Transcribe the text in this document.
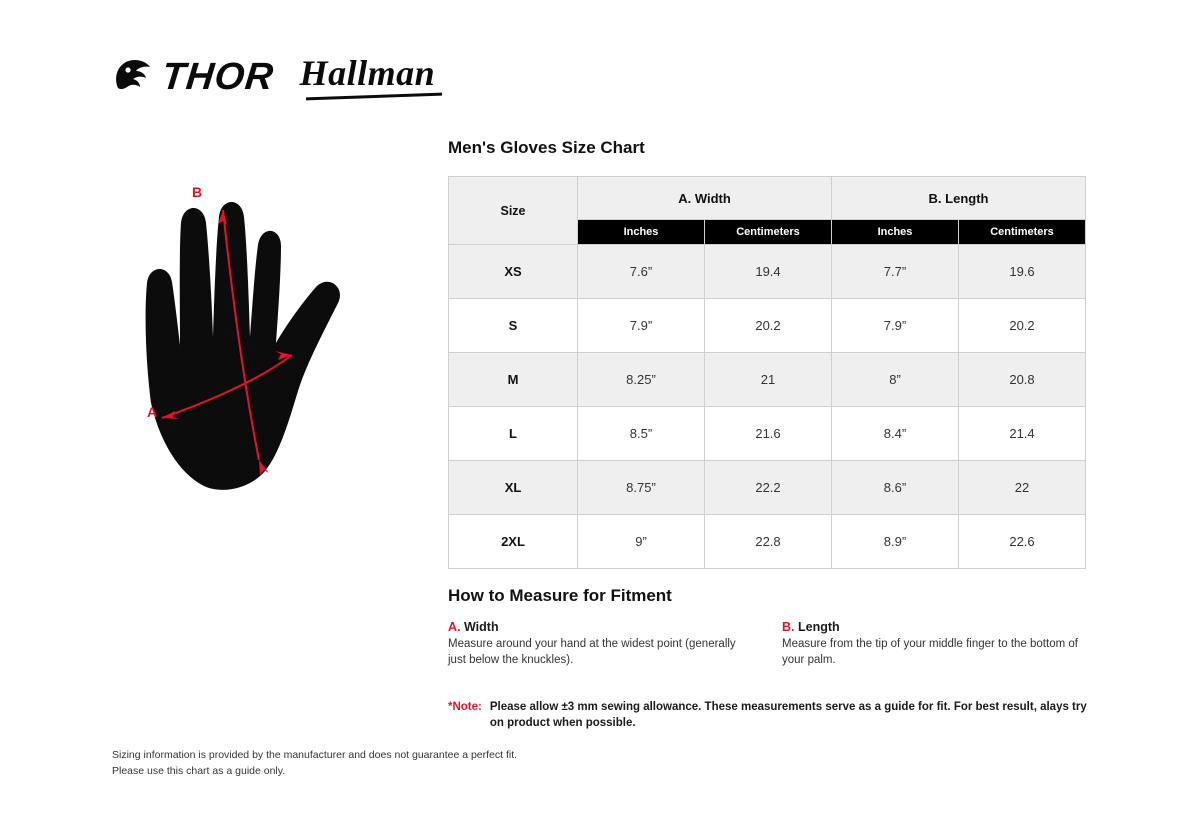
THOR Hallman
B
A
Men's Gloves Size Chart
Size	A. Width		B. Length	
	Inches	Centimeters	Inches	Centimeters
XS	7.6”	19.4	7.7”	19.6
S	7.9”	20.2	7.9”	20.2
M	8.25”	21	8”	20.8
L	8.5”	21.6	8.4”	21.4
XL	8.75”	22.2	8.6”	22
2XL	9”	22.8	8.9”	22.6
How to Measure for Fitment
A. Width
Measure around your hand at the widest point (generally just below the knuckles).
B. Length
Measure from the tip of your middle finger to the bottom of your palm.
*Note: Please allow ±3 mm sewing allowance. These measurements serve as a guide for fit. For best result, alays try on product when possible.
Sizing information is provided by the manufacturer and does not guarantee a perfect fit.
Please use this chart as a guide only.
